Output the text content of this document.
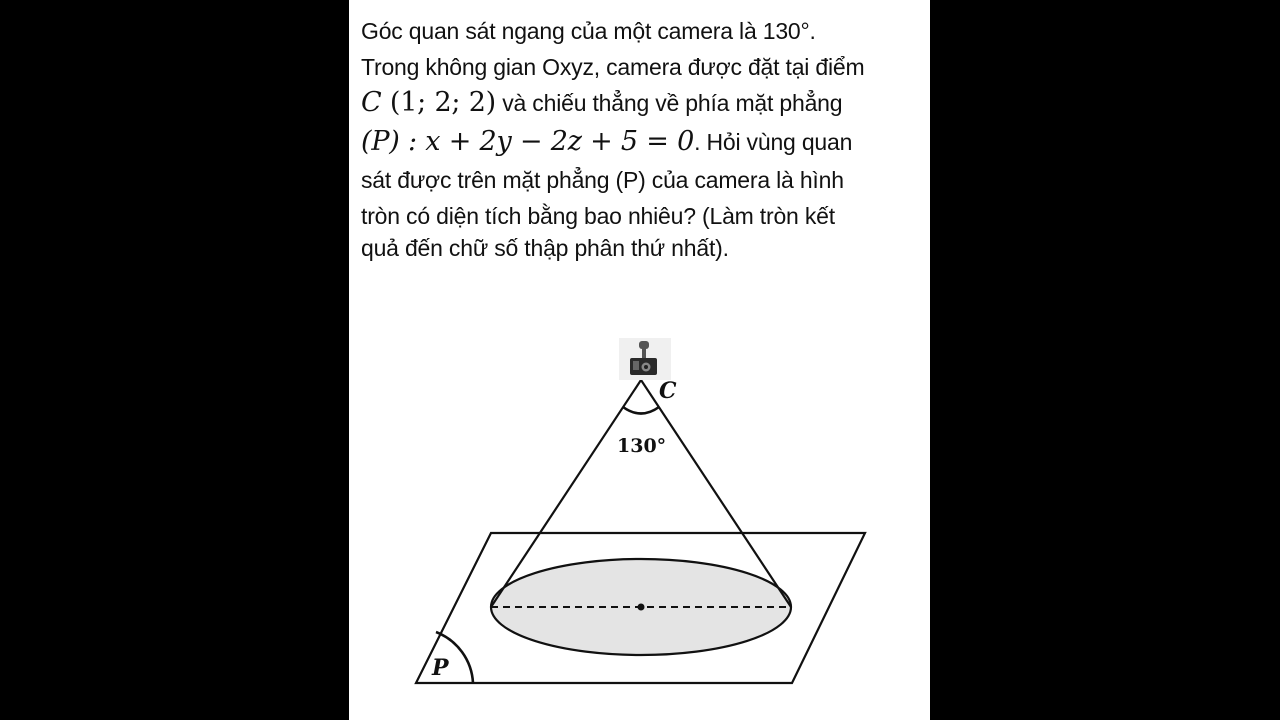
Góc quan sát ngang của một camera là 130°.
Trong không gian Oxyz, camera được đặt tại điểm
C (1; 2; 2) và chiếu thẳng về phía mặt phẳng
(P) : x + 2y − 2z + 5 = 0. Hỏi vùng quan
sát được trên mặt phẳng (P) của camera là hình
tròn có diện tích bằng bao nhiêu? (Làm tròn kết
quả đến chữ số thập phân thứ nhất).
C
130°
P
